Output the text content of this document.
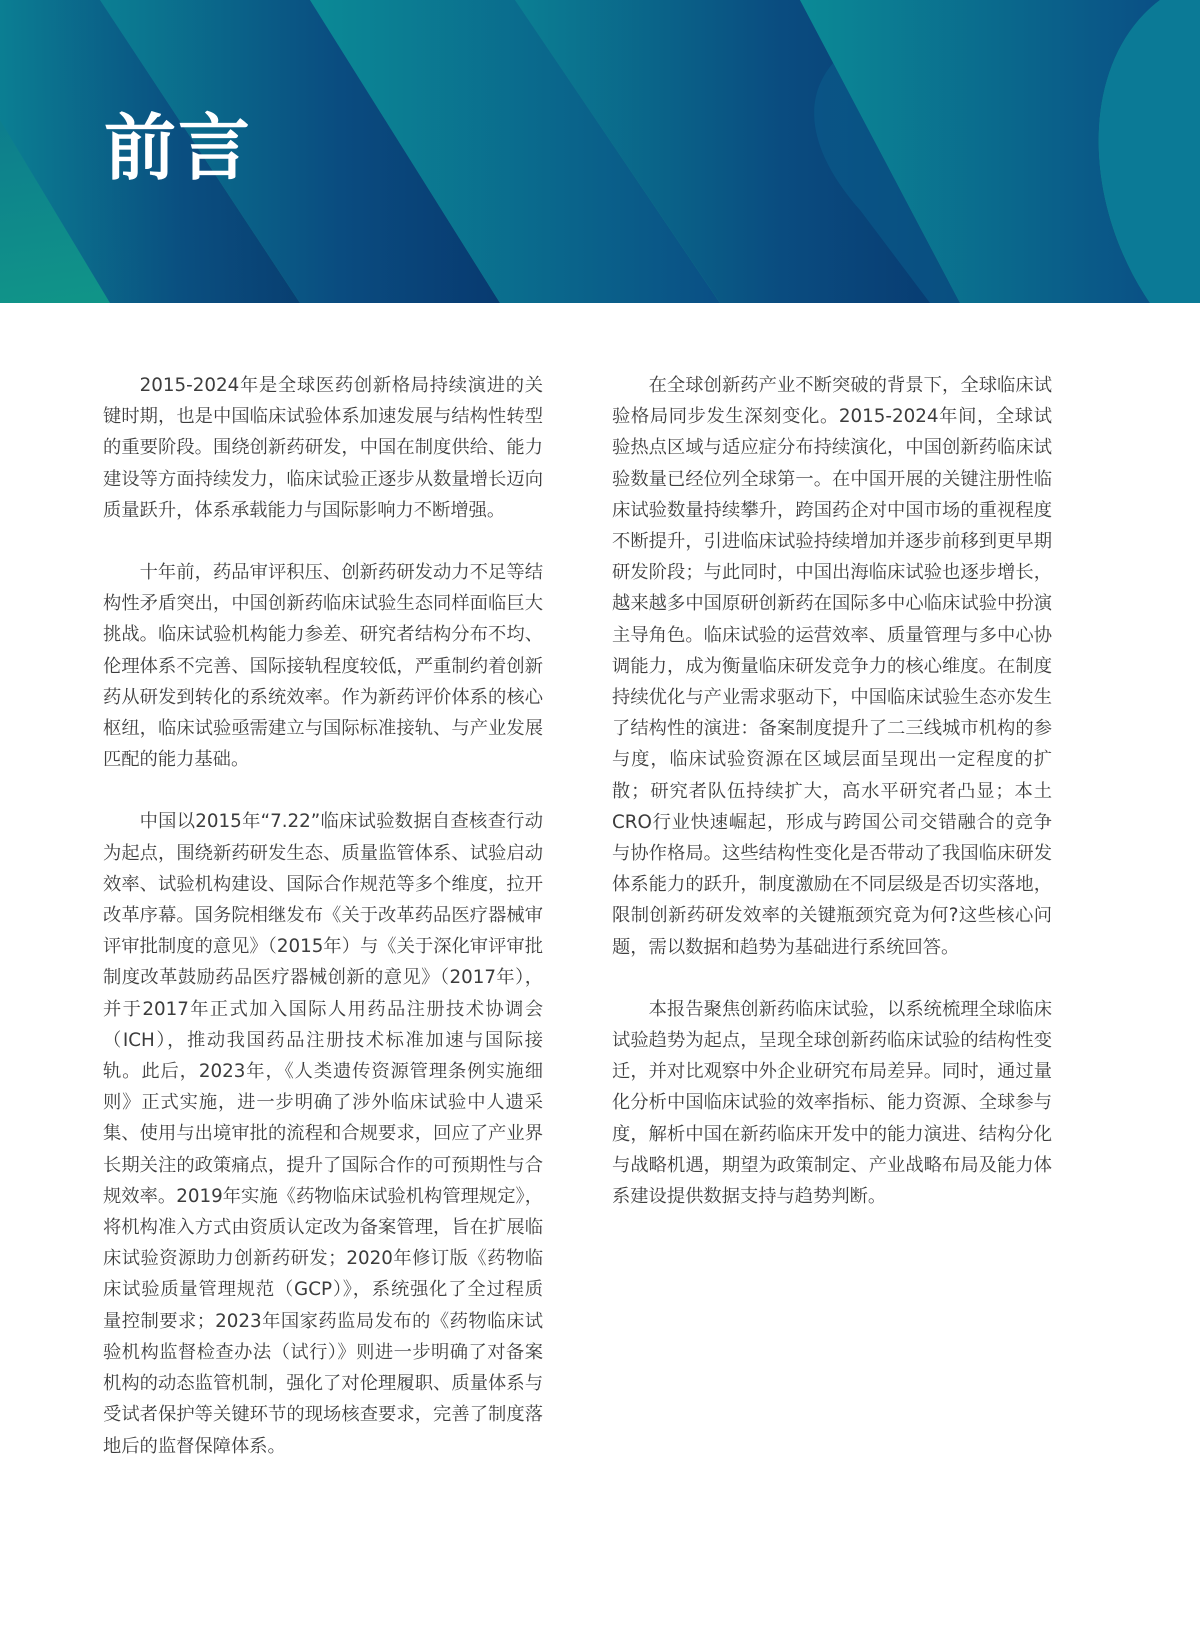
前言

2015-2024年是全球医药创新格局持续演进的关键时期，也是中国临床试验体系加速发展与结构性转型的重要阶段。围绕创新药研发，中国在制度供给、能力建设等方面持续发力，临床试验正逐步从数量增长迈向质量跃升，体系承载能力与国际影响力不断增强。

十年前，药品审评积压、创新药研发动力不足等结构性矛盾突出，中国创新药临床试验生态同样面临巨大挑战。临床试验机构能力参差、研究者结构分布不均、伦理体系不完善、国际接轨程度较低，严重制约着创新药从研发到转化的系统效率。作为新药评价体系的核心枢纽，临床试验亟需建立与国际标准接轨、与产业发展匹配的能力基础。

中国以2015年“7.22”临床试验数据自查核查行动为起点，围绕新药研发生态、质量监管体系、试验启动效率、试验机构建设、国际合作规范等多个维度，拉开改革序幕。国务院相继发布《关于改革药品医疗器械审评审批制度的意见》（2015年）与《关于深化审评审批制度改革鼓励药品医疗器械创新的意见》（2017年），并于2017年正式加入国际人用药品注册技术协调会（ICH），推动我国药品注册技术标准加速与国际接轨。此后，2023年，《人类遗传资源管理条例实施细则》正式实施，进一步明确了涉外临床试验中人遗采集、使用与出境审批的流程和合规要求，回应了产业界长期关注的政策痛点，提升了国际合作的可预期性与合规效率。2019年实施《药物临床试验机构管理规定》，将机构准入方式由资质认定改为备案管理，旨在扩展临床试验资源助力创新药研发；2020年修订版《药物临床试验质量管理规范（GCP）》，系统强化了全过程质量控制要求；2023年国家药监局发布的《药物临床试验机构监督检查办法（试行）》则进一步明确了对备案机构的动态监管机制，强化了对伦理履职、质量体系与受试者保护等关键环节的现场核查要求，完善了制度落地后的监督保障体系。

在全球创新药产业不断突破的背景下，全球临床试验格局同步发生深刻变化。2015-2024年间，全球试验热点区域与适应症分布持续演化，中国创新药临床试验数量已经位列全球第一。在中国开展的关键注册性临床试验数量持续攀升，跨国药企对中国市场的重视程度不断提升，引进临床试验持续增加并逐步前移到更早期研发阶段；与此同时，中国出海临床试验也逐步增长，越来越多中国原研创新药在国际多中心临床试验中扮演主导角色。临床试验的运营效率、质量管理与多中心协调能力，成为衡量临床研发竞争力的核心维度。在制度持续优化与产业需求驱动下，中国临床试验生态亦发生了结构性的演进：备案制度提升了二三线城市机构的参与度，临床试验资源在区域层面呈现出一定程度的扩散；研究者队伍持续扩大，高水平研究者凸显；本土CRO行业快速崛起，形成与跨国公司交错融合的竞争与协作格局。这些结构性变化是否带动了我国临床研发体系能力的跃升，制度激励在不同层级是否切实落地，限制创新药研发效率的关键瓶颈究竟为何?这些核心问题，需以数据和趋势为基础进行系统回答。

本报告聚焦创新药临床试验，以系统梳理全球临床试验趋势为起点，呈现全球创新药临床试验的结构性变迁，并对比观察中外企业研究布局差异。同时，通过量化分析中国临床试验的效率指标、能力资源、全球参与度，解析中国在新药临床开发中的能力演进、结构分化与战略机遇，期望为政策制定、产业战略布局及能力体系建设提供数据支持与趋势判断。
